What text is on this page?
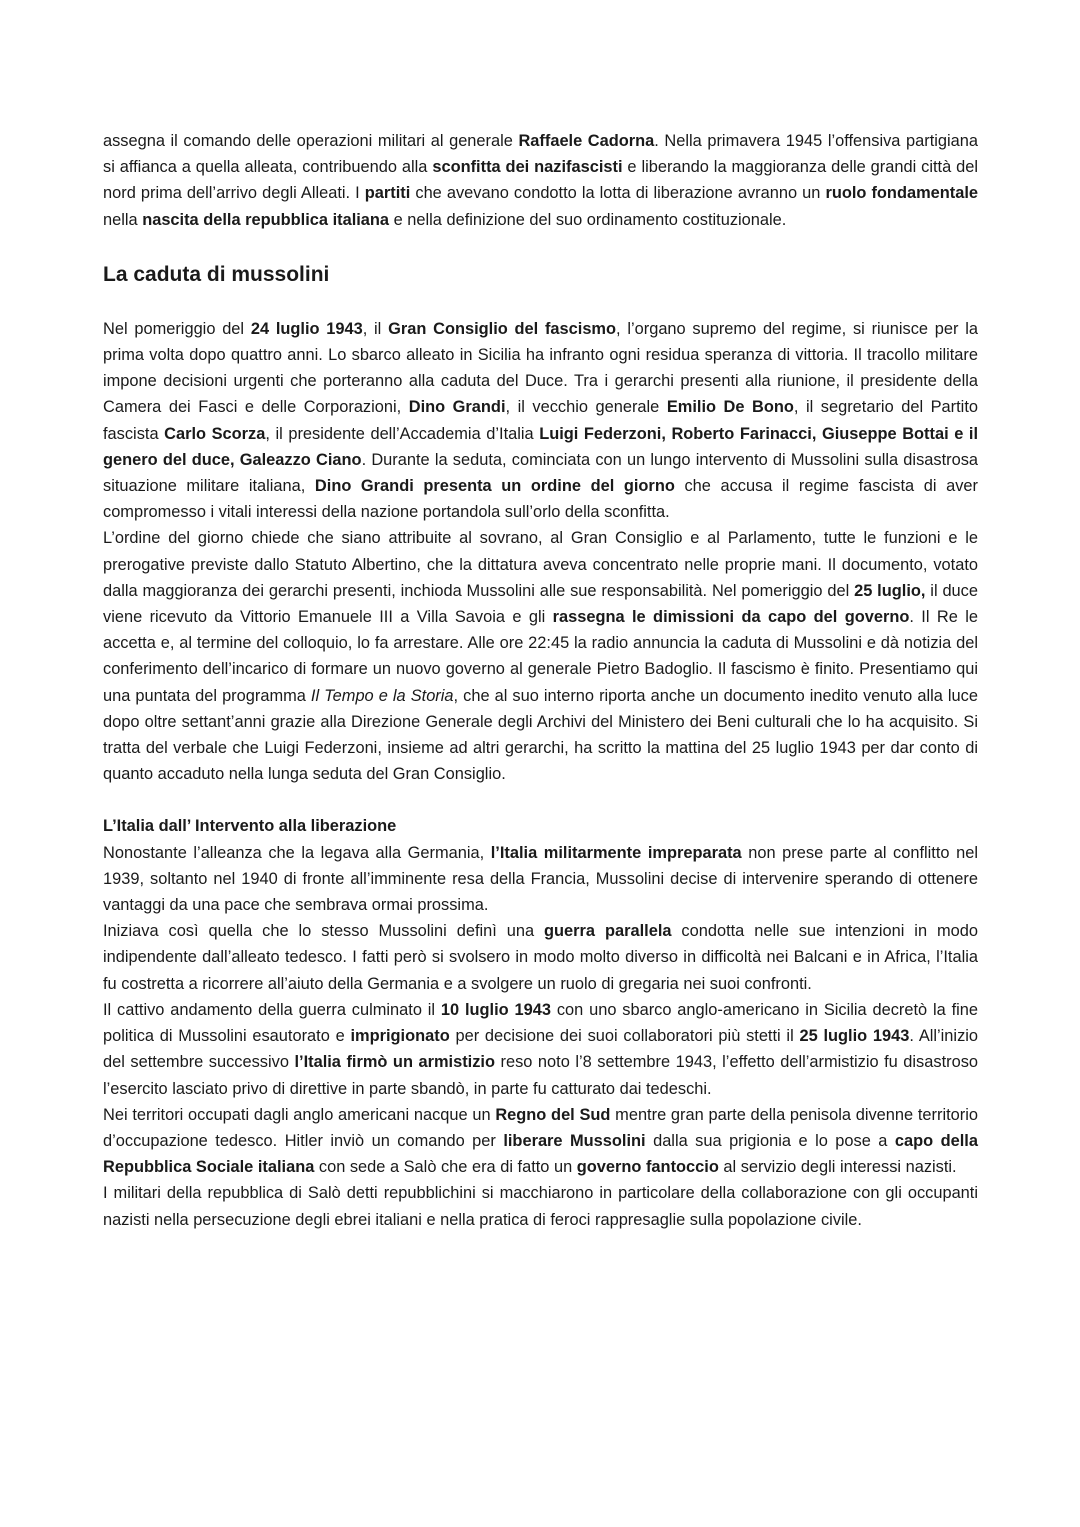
assegna il comando delle operazioni militari al generale Raffaele Cadorna. Nella primavera 1945 l’offensiva partigiana si affianca a quella alleata, contribuendo alla sconfitta dei nazifascisti e liberando la maggioranza delle grandi città del nord prima dell’arrivo degli Alleati. I partiti che avevano condotto la lotta di liberazione avranno un ruolo fondamentale nella nascita della repubblica italiana e nella definizione del suo ordinamento costituzionale.

La caduta di mussolini

Nel pomeriggio del 24 luglio 1943, il Gran Consiglio del fascismo, l’organo supremo del regime, si riunisce per la prima volta dopo quattro anni. Lo sbarco alleato in Sicilia ha infranto ogni residua speranza di vittoria. Il tracollo militare impone decisioni urgenti che porteranno alla caduta del Duce. Tra i gerarchi presenti alla riunione, il presidente della Camera dei Fasci e delle Corporazioni, Dino Grandi, il vecchio generale Emilio De Bono, il segretario del Partito fascista Carlo Scorza, il presidente dell’Accademia d’Italia Luigi Federzoni, Roberto Farinacci, Giuseppe Bottai e il genero del duce, Galeazzo Ciano. Durante la seduta, cominciata con un lungo intervento di Mussolini sulla disastrosa situazione militare italiana, Dino Grandi presenta un ordine del giorno che accusa il regime fascista di aver compromesso i vitali interessi della nazione portandola sull’orlo della sconfitta.

L’ordine del giorno chiede che siano attribuite al sovrano, al Gran Consiglio e al Parlamento, tutte le funzioni e le prerogative previste dallo Statuto Albertino, che la dittatura aveva concentrato nelle proprie mani. Il documento, votato dalla maggioranza dei gerarchi presenti, inchioda Mussolini alle sue responsabilità. Nel pomeriggio del 25 luglio, il duce viene ricevuto da Vittorio Emanuele III a Villa Savoia e gli rassegna le dimissioni da capo del governo. Il Re le accetta e, al termine del colloquio, lo fa arrestare. Alle ore 22:45 la radio annuncia la caduta di Mussolini e dà notizia del conferimento dell’incarico di formare un nuovo governo al generale Pietro Badoglio. Il fascismo è finito. Presentiamo qui una puntata del programma Il Tempo e la Storia, che al suo interno riporta anche un documento inedito venuto alla luce dopo oltre settant’anni grazie alla Direzione Generale degli Archivi del Ministero dei Beni culturali che lo ha acquisito. Si tratta del verbale che Luigi Federzoni, insieme ad altri gerarchi, ha scritto la mattina del 25 luglio 1943 per dar conto di quanto accaduto nella lunga seduta del Gran Consiglio.

L’Italia dall’ Intervento alla liberazione

Nonostante l’alleanza che la legava alla Germania, l’Italia militarmente impreparata non prese parte al conflitto nel 1939, soltanto nel 1940 di fronte all’imminente resa della Francia, Mussolini decise di intervenire sperando di ottenere vantaggi da una pace che sembrava ormai prossima.

Iniziava così quella che lo stesso Mussolini definì una guerra parallela condotta nelle sue intenzioni in modo indipendente dall’alleato tedesco. I fatti però si svolsero in modo molto diverso in difficoltà nei Balcani e in Africa, l’Italia fu costretta a ricorrere all’aiuto della Germania e a svolgere un ruolo di gregaria nei suoi confronti.

Il cattivo andamento della guerra culminato il 10 luglio 1943 con uno sbarco anglo-americano in Sicilia decretò la fine politica di Mussolini esautorato e imprigionato per decisione dei suoi collaboratori più stetti il 25 luglio 1943. All’inizio del settembre successivo l’Italia firmò un armistizio reso noto l’8 settembre 1943, l’effetto dell’armistizio fu disastroso l’esercito lasciato privo di direttive in parte sbandò, in parte fu catturato dai tedeschi.

Nei territori occupati dagli anglo americani nacque un Regno del Sud mentre gran parte della penisola divenne territorio d’occupazione tedesco. Hitler inviò un comando per liberare Mussolini dalla sua prigionia e lo pose a capo della Repubblica Sociale italiana con sede a Salò che era di fatto un governo fantoccio al servizio degli interessi nazisti.

I militari della repubblica di Salò detti repubblichini si macchiarono in particolare della collaborazione con gli occupanti nazisti nella persecuzione degli ebrei italiani e nella pratica di feroci rappresaglie sulla popolazione civile.
